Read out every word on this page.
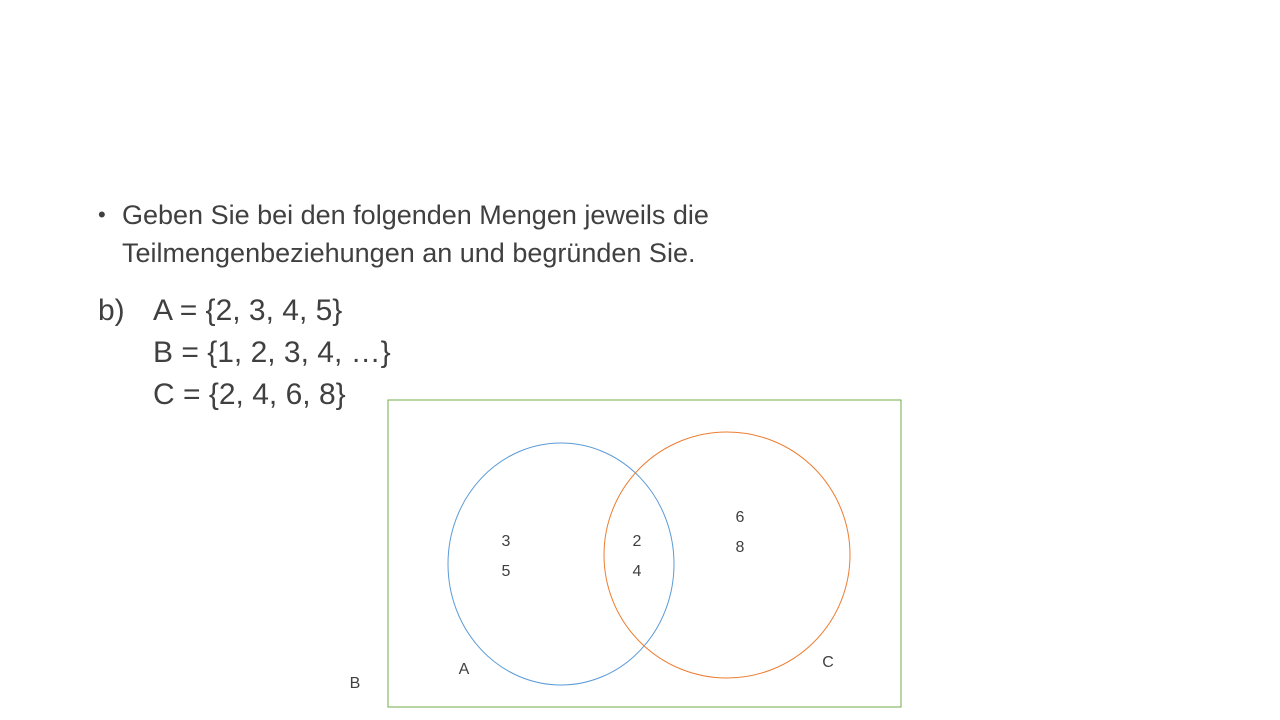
• Geben Sie bei den folgenden Mengen jeweils die Teilmengenbeziehungen an und begründen Sie.
b) A = {2, 3, 4, 5}
B = {1, 2, 3, 4, …}
C = {2, 4, 6, 8}
3
5
2
4
6
8
A
B
C
